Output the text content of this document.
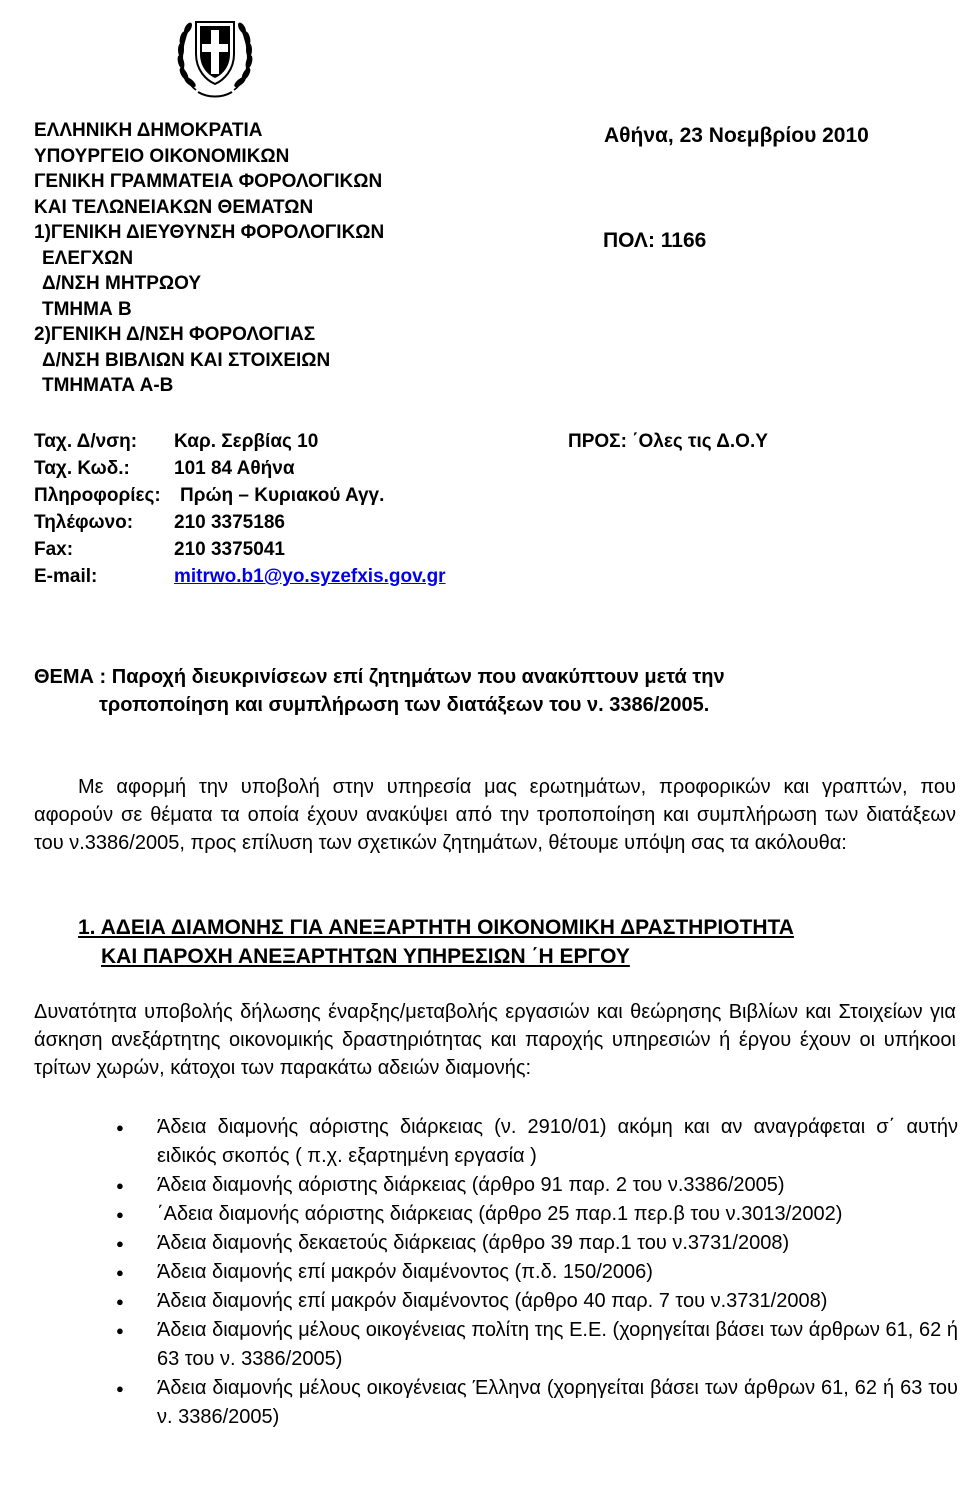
ΕΛΛΗΝΙΚΗ ΔΗΜΟΚΡΑΤΙΑ
ΥΠΟΥΡΓΕΙΟ ΟΙΚΟΝΟΜΙΚΩΝ
ΓΕΝΙΚΗ ΓΡΑΜΜΑΤΕΙΑ ΦΟΡΟΛΟΓΙΚΩΝ
ΚΑΙ ΤΕΛΩΝΕΙΑΚΩΝ ΘΕΜΑΤΩΝ
1)ΓΕΝΙΚΗ ΔΙΕΥΘΥΝΣΗ ΦΟΡΟΛΟΓΙΚΩΝ
ΕΛΕΓΧΩΝ
Δ/ΝΣΗ ΜΗΤΡΩΟΥ
ΤΜΗΜΑ Β
2)ΓΕΝΙΚΗ Δ/ΝΣΗ ΦΟΡΟΛΟΓΙΑΣ
Δ/ΝΣΗ ΒΙΒΛΙΩΝ ΚΑΙ ΣΤΟΙΧΕΙΩΝ
ΤΜΗΜΑΤΑ Α-Β
Αθήνα, 23 Νοεμβρίου 2010
ΠΟΛ: 1166
Ταχ. Δ/νση: Καρ. Σερβίας 10
Ταχ. Κωδ.: 101 84 Αθήνα
Πληροφορίες: Πρώη – Κυριακού Αγγ.
Τηλέφωνο: 210 3375186
Fax:	210 3375041
E-mail:	mitrwo.b1@yo.syzefxis.gov.gr
ΠΡΟΣ: ΄Ολες τις Δ.Ο.Υ
ΘΕΜΑ : Παροχή διευκρινίσεων επί ζητημάτων που ανακύπτουν μετά την
τροποποίηση και συμπλήρωση των διατάξεων του ν. 3386/2005.
Με αφορμή την υποβολή στην υπηρεσία μας ερωτημάτων, προφορικών και γραπτών, που αφορούν σε θέματα τα οποία έχουν ανακύψει από την τροποποίηση και συμπλήρωση των διατάξεων του ν.3386/2005, προς επίλυση των σχετικών ζητημάτων, θέτουμε υπόψη σας τα ακόλουθα:
1. ΑΔΕΙΑ ΔΙΑΜΟΝΗΣ ΓΙΑ ΑΝΕΞΑΡΤΗΤΗ ΟΙΚΟΝΟΜΙΚΗ ΔΡΑΣΤΗΡΙΟΤΗΤΑ
ΚΑΙ ΠΑΡΟΧΗ ΑΝΕΞΑΡΤΗΤΩΝ ΥΠΗΡΕΣΙΩΝ ΄Η ΕΡΓΟΥ
Δυνατότητα υποβολής δήλωσης έναρξης/μεταβολής εργασιών και θεώρησης Βιβλίων και Στοιχείων για άσκηση ανεξάρτητης οικονομικής δραστηριότητας και παροχής υπηρεσιών ή έργου έχουν οι υπήκοοι τρίτων χωρών, κάτοχοι των παρακάτω αδειών διαμονής:
● Άδεια διαμονής αόριστης διάρκειας (ν. 2910/01) ακόμη και αν αναγράφεται σ΄ αυτήν ειδικός σκοπός ( π.χ. εξαρτημένη εργασία )
● Άδεια διαμονής αόριστης διάρκειας (άρθρο 91 παρ. 2 του ν.3386/2005)
● ΄Αδεια διαμονής αόριστης διάρκειας (άρθρο 25 παρ.1 περ.β του ν.3013/2002)
● Άδεια διαμονής δεκαετούς διάρκειας (άρθρο 39 παρ.1 του ν.3731/2008)
● Άδεια διαμονής επί μακρόν διαμένοντος (π.δ. 150/2006)
● Άδεια διαμονής επί μακρόν διαμένοντος (άρθρο 40 παρ. 7 του ν.3731/2008)
● Άδεια διαμονής μέλους οικογένειας πολίτη της Ε.Ε. (χορηγείται βάσει των άρθρων 61, 62 ή 63 του ν. 3386/2005)
● Άδεια διαμονής μέλους οικογένειας Έλληνα (χορηγείται βάσει των άρθρων 61, 62 ή 63 του ν. 3386/2005)
